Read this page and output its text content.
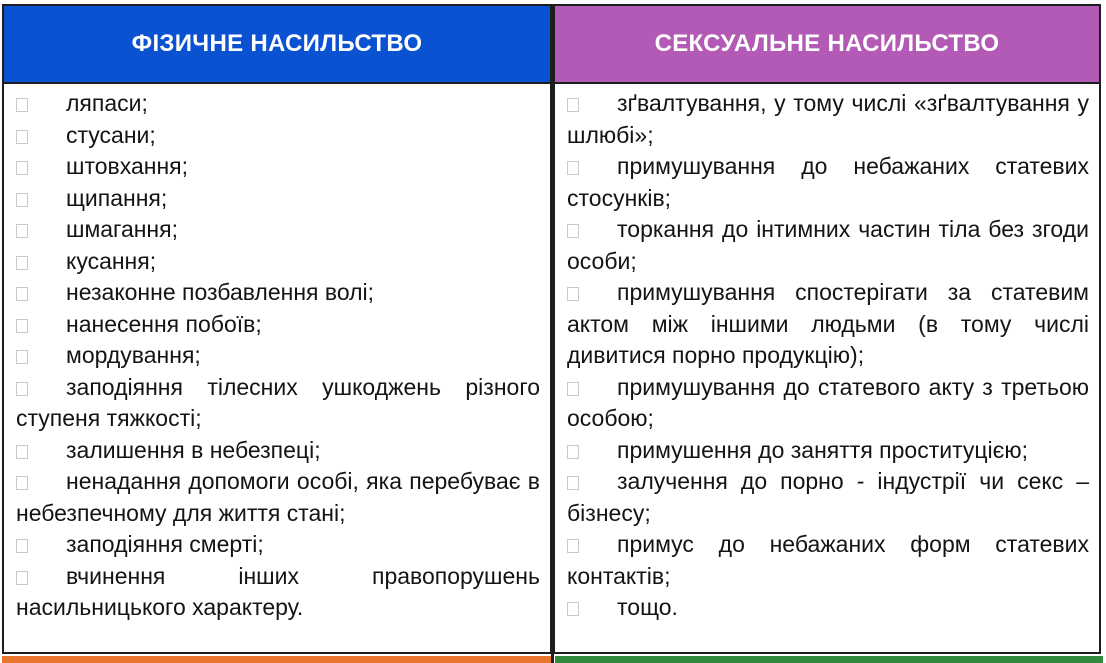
ФІЗИЧНЕ НАСИЛЬСТВО

ляпаси;

стусани;

штовхання;

щипання;

шмагання;

кусання;

незаконне позбавлення волі;

нанесення побоїв;

мордування;

заподіяння тілесних ушкоджень різного ступеня тяжкості;

залишення в небезпеці;

ненадання допомоги особі, яка перебуває в небезпечному для життя стані;

заподіяння смерті;

вчинення інших правопорушень насильницького характеру.

СЕКСУАЛЬНЕ НАСИЛЬСТВО

зґвалтування, у тому числі «зґвалтування у шлюбі»;

примушування до небажаних статевих стосунків;

торкання до інтимних частин тіла без згоди особи;

примушування спостерігати за статевим актом між іншими людьми (в тому числі дивитися порно продукцію);

примушування до статевого акту з третьою особою;

примушення до заняття проституцією;

залучення до порно - індустрії чи секс – бізнесу;

примус до небажаних форм статевих контактів;

тощо.
